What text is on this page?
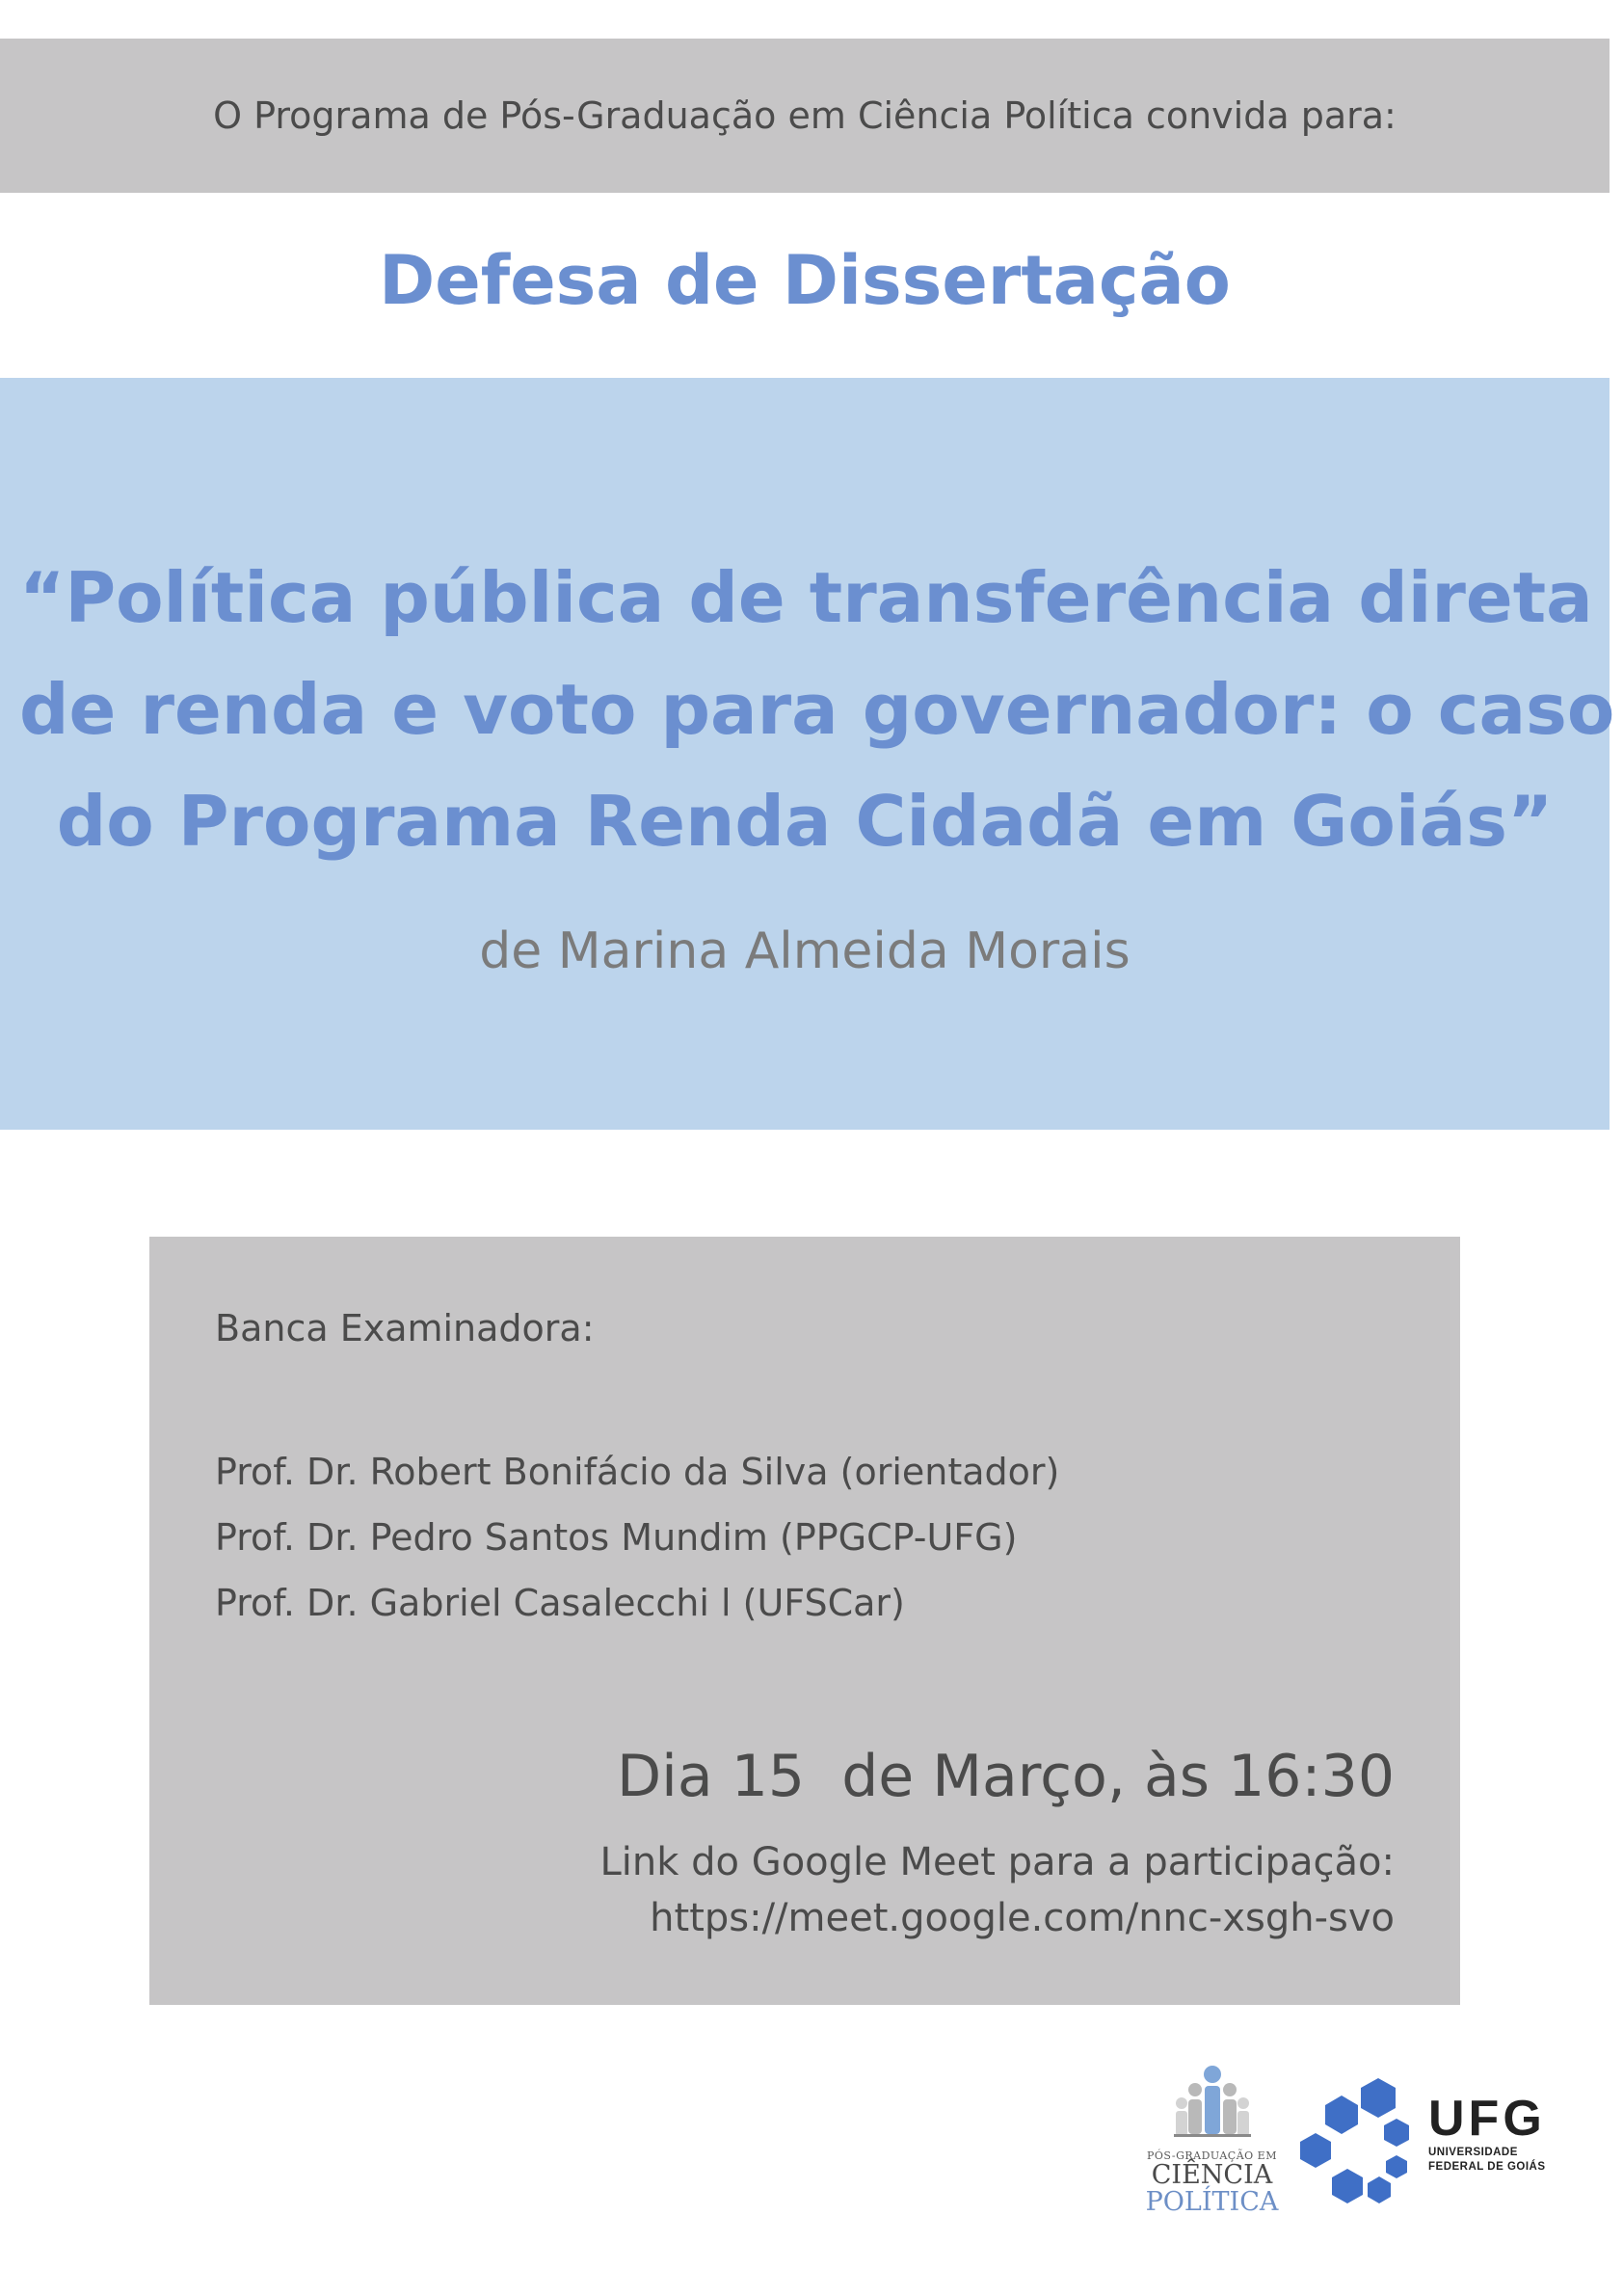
O Programa de Pós-Graduação em Ciência Política convida para:
Defesa de Dissertação
“Política pública de transferência direta
de renda e voto para governador: o caso
do Programa Renda Cidadã em Goiás”
de Marina Almeida Morais
Banca Examinadora:
Prof. Dr. Robert Bonifácio da Silva (orientador)
Prof. Dr. Pedro Santos Mundim (PPGCP-UFG)
Prof. Dr. Gabriel Casalecchi l (UFSCar)
Dia 15  de Março, às 16:30
Link do Google Meet para a participação:
https://meet.google.com/nnc-xsgh-svo
PÓS-GRADUAÇÃO EM
CIÊNCIA
POLÍTICA
UFG
UNIVERSIDADE
FEDERAL DE GOIÁS
